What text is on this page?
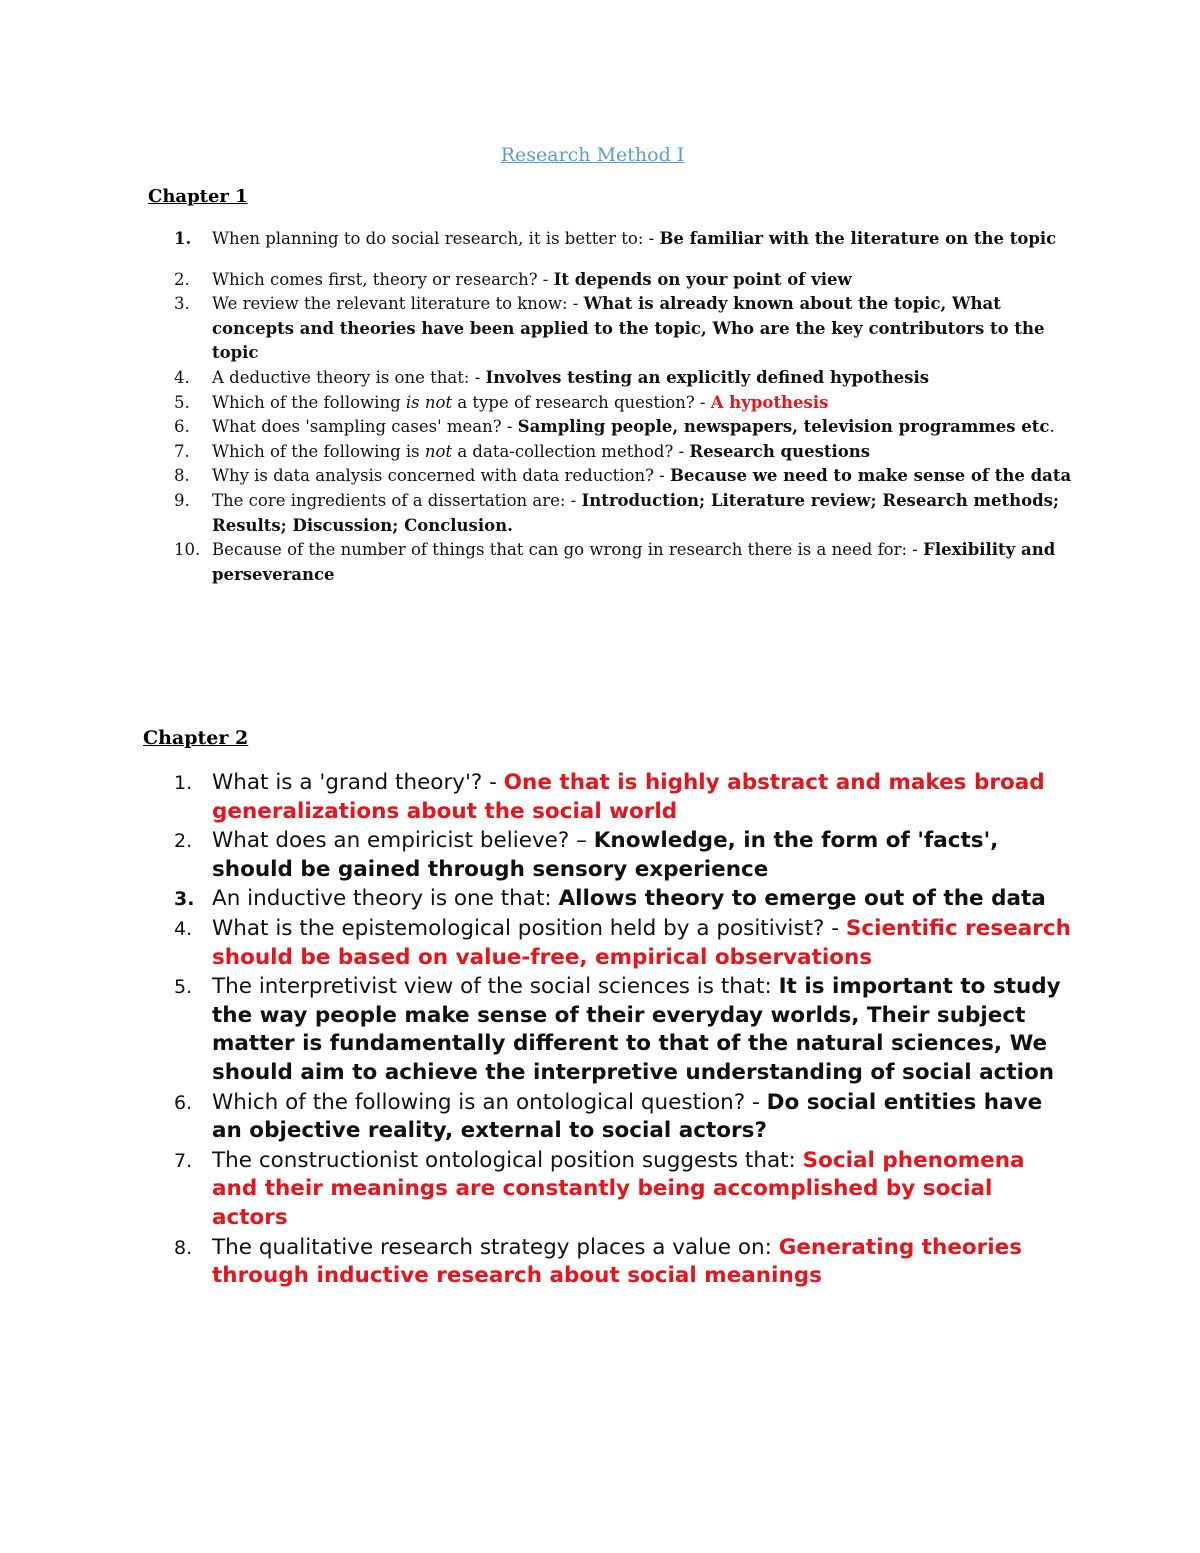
Research Method I
Chapter 1
1. When planning to do social research, it is better to: - Be familiar with the literature on the topic
2. Which comes first, theory or research? - It depends on your point of view
3. We review the relevant literature to know: - What is already known about the topic, What concepts and theories have been applied to the topic, Who are the key contributors to the topic
4. A deductive theory is one that: - Involves testing an explicitly defined hypothesis
5. Which of the following is not a type of research question? - A hypothesis
6. What does 'sampling cases' mean? - Sampling people, newspapers, television programmes etc.
7. Which of the following is not a data-collection method? - Research questions
8. Why is data analysis concerned with data reduction? - Because we need to make sense of the data
9. The core ingredients of a dissertation are: - Introduction; Literature review; Research methods; Results; Discussion; Conclusion.
10. Because of the number of things that can go wrong in research there is a need for: - Flexibility and perseverance
Chapter 2
1. What is a 'grand theory'? - One that is highly abstract and makes broad generalizations about the social world
2. What does an empiricist believe? – Knowledge, in the form of 'facts', should be gained through sensory experience
3. An inductive theory is one that: Allows theory to emerge out of the data
4. What is the epistemological position held by a positivist? - Scientific research should be based on value-free, empirical observations
5. The interpretivist view of the social sciences is that: It is important to study the way people make sense of their everyday worlds, Their subject matter is fundamentally different to that of the natural sciences, We should aim to achieve the interpretive understanding of social action
6. Which of the following is an ontological question? - Do social entities have an objective reality, external to social actors?
7. The constructionist ontological position suggests that: Social phenomena and their meanings are constantly being accomplished by social actors
8. The qualitative research strategy places a value on: Generating theories through inductive research about social meanings
